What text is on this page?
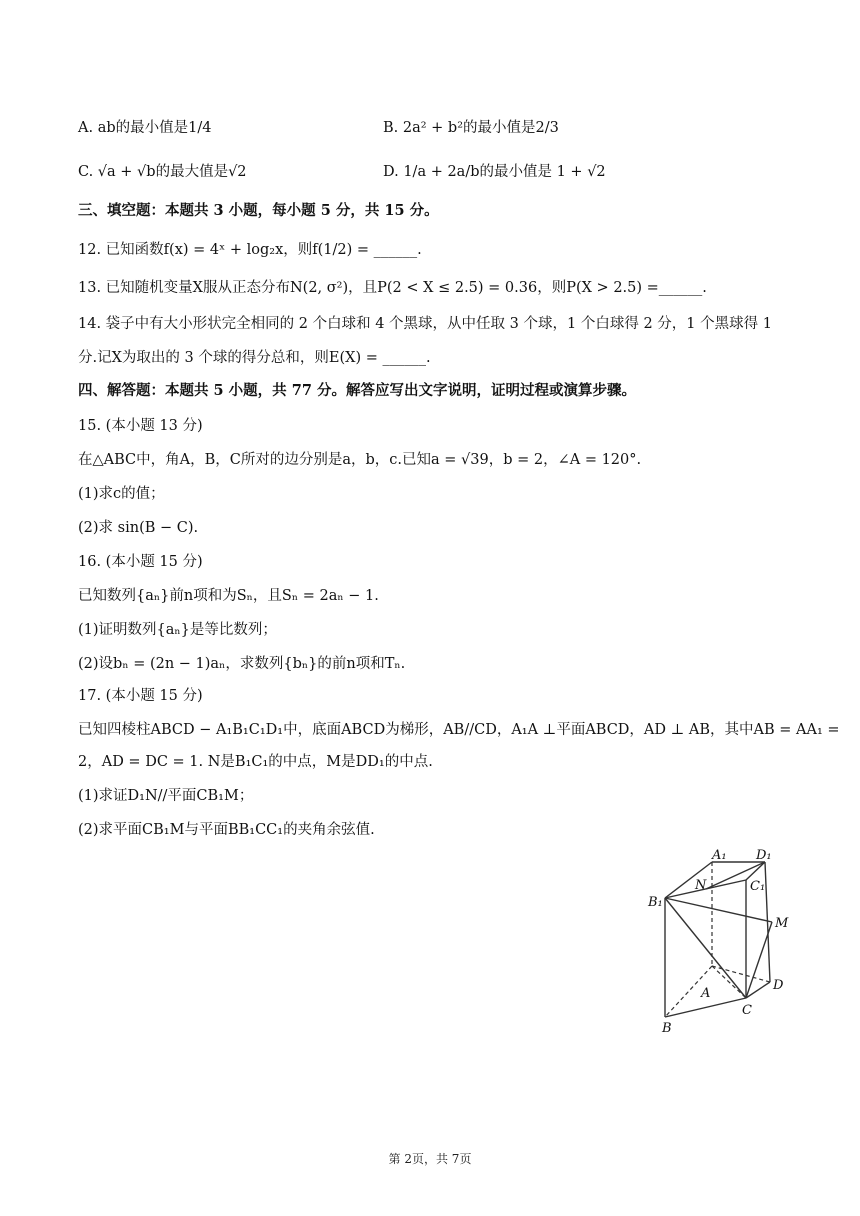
A. ab的最小值是1/4	B. 2a² + b²的最小值是2/3
C. √a + √b的最大值是√2	D. 1/a + 2a/b的最小值是 1 + √2
三、填空题：本题共 3 小题，每小题 5 分，共 15 分。
12. 已知函数f(x) = 4ˣ + log₂x，则f(1/2) = ______.
13. 已知随机变量X服从正态分布N(2, σ²)，且P(2 < X ≤ 2.5) = 0.36，则P(X > 2.5) =______.
14. 袋子中有大小形状完全相同的 2 个白球和 4 个黑球，从中任取 3 个球，1 个白球得 2 分，1 个黑球得 1
分.记X为取出的 3 个球的得分总和，则E(X) = ______.
四、解答题：本题共 5 小题，共 77 分。解答应写出文字说明，证明过程或演算步骤。
15. (本小题 13 分)
在△ABC中，角A，B，C所对的边分别是a，b，c.已知a = √39，b = 2，∠A = 120°.
(1)求c的值；
(2)求 sin(B − C).
16. (本小题 15 分)
已知数列{aₙ}前n项和为Sₙ，且Sₙ = 2aₙ − 1.
(1)证明数列{aₙ}是等比数列；
(2)设bₙ = (2n − 1)aₙ，求数列{bₙ}的前n项和Tₙ.
17. (本小题 15 分)
已知四棱柱ABCD − A₁B₁C₁D₁中，底面ABCD为梯形，AB//CD，A₁A ⊥平面ABCD，AD ⊥ AB，其中AB = AA₁ =
2，AD = DC = 1. N是B₁C₁的中点，M是DD₁的中点.
(1)求证D₁N//平面CB₁M；
(2)求平面CB₁M与平面BB₁CC₁的夹角余弦值.
A₁ D₁
N	C₁
B₁
M
A
D
C
B
第 2页，共 7页
